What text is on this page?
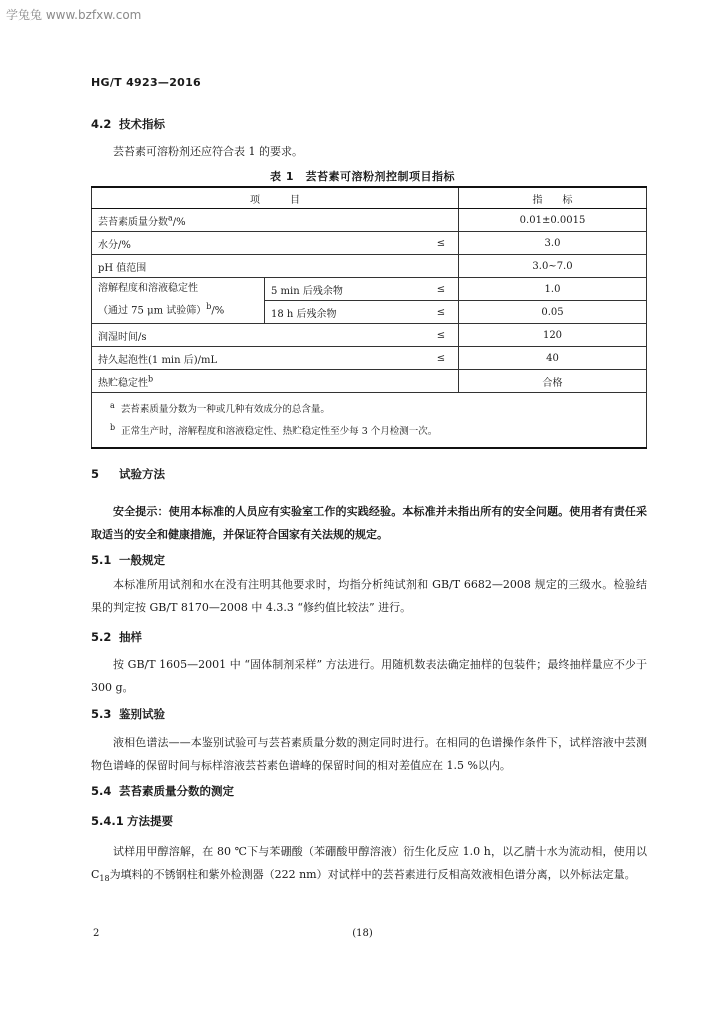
学兔兔 www.bzfxw.com
HG/T 4923—2016
4.2 技术指标
芸苔素可溶粉剂还应符合表 1 的要求。
表 1　芸苔素可溶粉剂控制项目指标
项　　　目			指　　标
芸苔素质量分数$^a$/%			0.01±0.0015
水分/%		≤	3.0
pH 值范围			3.0~7.0
溶解程度和溶液稳定性
（通过 75 μm 试验筛）$^b$/%	5 min 后残余物	≤	1.0
	18 h 后残余物	≤	0.05
润湿时间/s		≤	120
持久起泡性(1 min 后)/mL		≤	40
热贮稳定性$^b$			合格

$^a$ 芸苔素质量分数为一种或几种有效成分的总含量。
$^b$ 正常生产时，溶解程度和溶液稳定性、热贮稳定性至少每 3 个月检测一次。			
5 试验方法
安全提示：使用本标准的人员应有实验室工作的实践经验。本标准并未指出所有的安全问题。使用者有责任采取适当的安全和健康措施，并保证符合国家有关法规的规定。
5.1 一般规定
本标准所用试剂和水在没有注明其他要求时，均指分析纯试剂和 GB/T 6682—2008 规定的三级水。检验结果的判定按 GB/T 8170—2008 中 4.3.3 “修约值比较法” 进行。
5.2 抽样
按 GB/T 1605—2001 中 “固体制剂采样” 方法进行。用随机数表法确定抽样的包装件；最终抽样量应不少于 300 g。
5.3 鉴别试验
液相色谱法——本鉴别试验可与芸苔素质量分数的测定同时进行。在相同的色谱操作条件下，试样溶液中芸测物色谱峰的保留时间与标样溶液芸苔素色谱峰的保留时间的相对差值应在 1.5 %以内。
5.4 芸苔素质量分数的测定
5.4.1 方法提要
试样用甲醇溶解，在 80 ℃下与苯硼酸（苯硼酸甲醇溶液）衍生化反应 1.0 h，以乙腈十水为流动相，使用以 $C_{18}$为填料的不锈钢柱和紫外检测器（222 nm）对试样中的芸苔素进行反相高效液相色谱分离，以外标法定量。
2	(18)
